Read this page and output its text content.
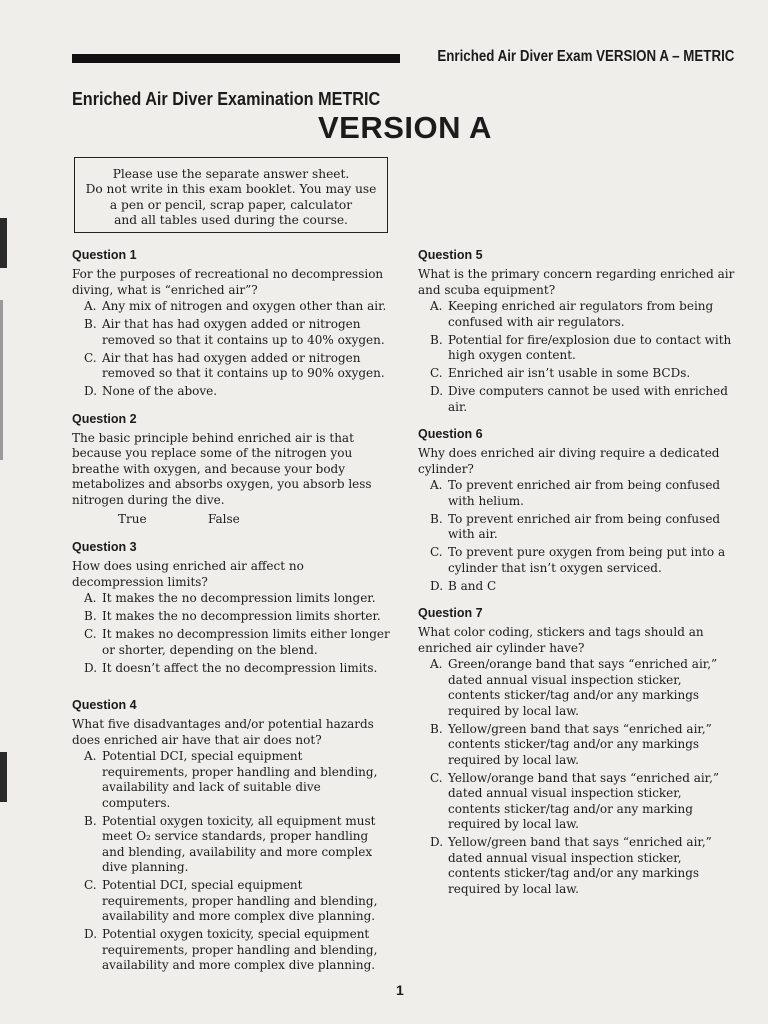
Enriched Air Diver Exam VERSION A – METRIC
Enriched Air Diver Examination METRIC
VERSION A
Please use the separate answer sheet.
Do not write in this exam booklet. You may use
a pen or pencil, scrap paper, calculator
and all tables used during the course.
Question 1
For the purposes of recreational no decompression diving, what is “enriched air”?
A. Any mix of nitrogen and oxygen other than air.
B. Air that has had oxygen added or nitrogen removed so that it contains up to 40% oxygen.
C. Air that has had oxygen added or nitrogen removed so that it contains up to 90% oxygen.
D. None of the above.
Question 2
The basic principle behind enriched air is that because you replace some of the nitrogen you breathe with oxygen, and because your body metabolizes and absorbs oxygen, you absorb less nitrogen during the dive.
True	False
Question 3
How does using enriched air affect no decompression limits?
A. It makes the no decompression limits longer.
B. It makes the no decompression limits shorter.
C. It makes no decompression limits either longer or shorter, depending on the blend.
D. It doesn’t affect the no decompression limits.
Question 4
What five disadvantages and/or potential hazards does enriched air have that air does not?
A. Potential DCI, special equipment requirements, proper handling and blending, availability and lack of suitable dive computers.
B. Potential oxygen toxicity, all equipment must meet O₂ service standards, proper handling and blending, availability and more complex dive planning.
C. Potential DCI, special equipment requirements, proper handling and blending, availability and more complex dive planning.
D. Potential oxygen toxicity, special equipment requirements, proper handling and blending, availability and more complex dive planning.
Question 5
What is the primary concern regarding enriched air and scuba equipment?
A. Keeping enriched air regulators from being confused with air regulators.
B. Potential for fire/explosion due to contact with high oxygen content.
C. Enriched air isn’t usable in some BCDs.
D. Dive computers cannot be used with enriched air.
Question 6
Why does enriched air diving require a dedicated cylinder?
A. To prevent enriched air from being confused with helium.
B. To prevent enriched air from being confused with air.
C. To prevent pure oxygen from being put into a cylinder that isn’t oxygen serviced.
D. B and C
Question 7
What color coding, stickers and tags should an enriched air cylinder have?
A. Green/orange band that says “enriched air,” dated annual visual inspection sticker, contents sticker/tag and/or any markings required by local law.
B. Yellow/green band that says “enriched air,” contents sticker/tag and/or any markings required by local law.
C. Yellow/orange band that says “enriched air,” dated annual visual inspection sticker, contents sticker/tag and/or any marking required by local law.
D. Yellow/green band that says “enriched air,” dated annual visual inspection sticker, contents sticker/tag and/or any markings required by local law.
1
